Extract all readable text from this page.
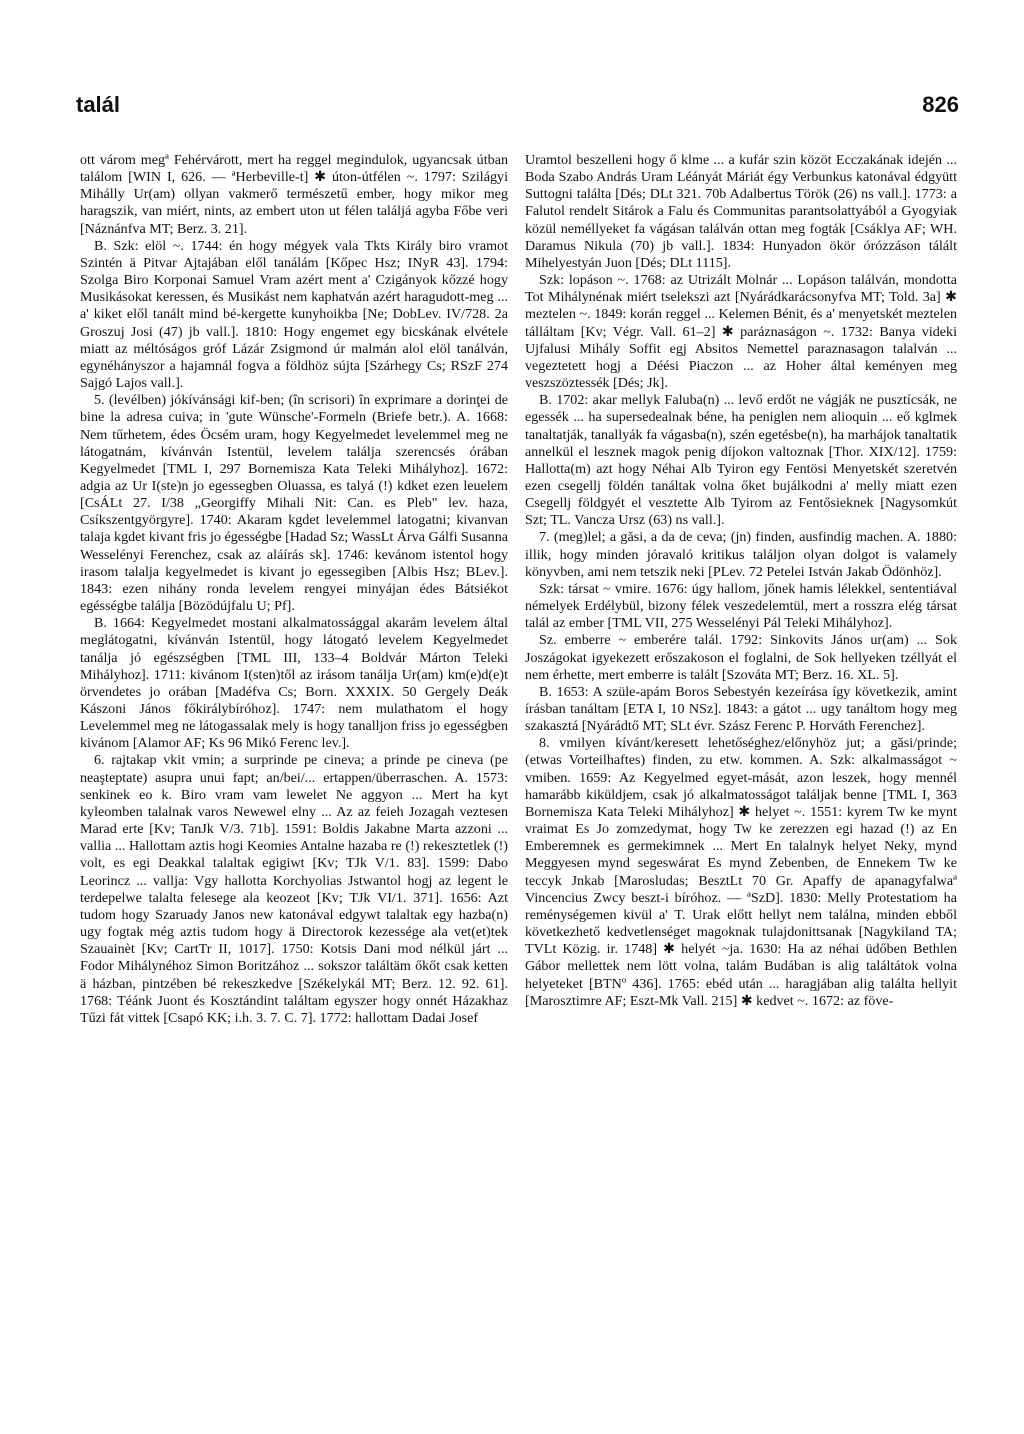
talál	826

ott várom megª Fehérvárott, mert ha reggel megindulok, ugyancsak útban találom [WIN I, 626. — ªHerbeville-t] ✱ úton-útfélen ~. 1797: Szilágyi Mihálly Ur(am) ollyan vakmerő természetű ember, hogy mikor meg haragszik, van miért, nints, az embert uton ut félen találjá agyba Főbe veri [Náznánfva MT; Berz. 3. 21].

B. Szk: elöl ~. 1744: én hogy mégyek vala Tkts Király biro vramot Szintén ä Pitvar Ajtajában elől tanálám [Kőpec Hsz; INyR 43]. 1794: Szolga Biro Korponai Samuel Vram azért ment a' Czigányok kőzzé hogy Musikásokat keressen, és Musikást nem kaphatván azért haragudott-meg ... a' kiket elől tanált mind bé-kergette kunyhoikba [Ne; DobLev. IV/728. 2a Groszuj Josi (47) jb vall.]. 1810: Hogy engemet egy bicskának elvétele miatt az méltóságos gróf Lázár Zsigmond úr malmán alol elöl tanálván, egynéhányszor a hajamnál fogva a földhöz sújta [Szárhegy Cs; RSzF 274 Sajgó Lajos vall.].

5. (levélben) jókívánsági kif-ben; (în scrisori) în exprimare a dorinţei de bine la adresa cuiva; in 'gute Wünsche'-Formeln (Briefe betr.). A. 1668: Nem tűrhetem, édes Öcsém uram, hogy Kegyelmedet levelemmel meg ne látogatnám, kívánván Istentül, levelem találja szerencsés órában Kegyelmedet [TML I, 297 Bornemisza Kata Teleki Mihályhoz]. 1672: adgia az Ur I(ste)n jo egessegben Oluassa, es talyá (!) kdket ezen leuelem [CsÁLt 27. I/38 „Georgiffy Mihali Nit: Can. es Pleb" lev. haza, Csíkszentgyörgyre]. 1740: Akaram kgdet levelemmel latogatni; kivanvan talaja kgdet kivant fris jo égességbe [Hadad Sz; WassLt Árva Gálfi Susanna Wesselényi Ferenchez, csak az aláírás sk]. 1746: kevánom istentol hogy irasom talalja kegyelmedet is kivant jo egessegiben [Albis Hsz; BLev.]. 1843: ezen nihány ronda levelem rengyei minyájan édes Bátsiékot egésségbe találja [Bözödújfalu U; Pf].

B. 1664: Kegyelmedet mostani alkalmatossággal akarám levelem által meglátogatni, kívánván Istentül, hogy látogató levelem Kegyelmedet tanálja jó egészségben [TML III, 133–4 Boldvár Márton Teleki Mihályhoz]. 1711: kivánom I(sten)től az irásom tanálja Ur(am) km(e)d(e)t örvendetes jo orában [Madéfva Cs; Born. XXXIX. 50 Gergely Deák Kászoni János főkirálybíróhoz]. 1747: nem mulathatom el hogy Levelemmel meg ne látogassalak mely is hogy tanalljon friss jo egességben kivánom [Alamor AF; Ks 96 Mikó Ferenc lev.].

6. rajtakap vkit vmin; a surprinde pe cineva; a prinde pe cineva (pe neaşteptate) asupra unui fapt; an/bei/... ertappen/überraschen. A. 1573: senkinek eo k. Biro vram vam lewelet Ne aggyon ... Mert ha kyt kyleomben talalnak varos Newewel elny ... Az az feieh Jozagah veztesen Marad erte [Kv; TanJk V/3. 71b]. 1591: Boldis Jakabne Marta azzoni ... vallia ... Hallottam aztis hogi Keomies Antalne hazaba re (!) rekesztetlek (!) volt, es egi Deakkal talaltak egigiwt [Kv; TJk V/1. 83]. 1599: Dabo Leorincz ... vallja: Vgy hallotta Korchyolias Jstwantol hogj az legent le terdepelwe talalta felesege ala keozeot [Kv; TJk VI/1. 371]. 1656: Azt tudom hogy Szaruady Janos new katonával edgywt talaltak egy hazba(n) ugy fogtak még aztis tudom hogy ä Directorok kezessége ala vet(et)tek Szauainèt [Kv; CartTr II, 1017]. 1750: Kotsis Dani mod nélkül járt ... Fodor Mihálynéhoz Simon Boritzához ... sokszor találtäm őkőt csak ketten ä házban, pintzében bé rekeszkedve [Székelykál MT; Berz. 12. 92. 61]. 1768: Téánk Juont és Kosztándint találtam egyszer hogy onnét Házakhaz Tűzi fát vittek [Csapó KK; i.h. 3. 7. C. 7]. 1772: hallottam Dadai Josef

Uramtol beszelleni hogy ő klme ... a kufár szin közöt Ecczakának idején ... Boda Szabo András Uram Léányát Máriát égy Verbunkus katonával édgyütt Suttogni találta [Dés; DLt 321. 70b Adalbertus Török (26) ns vall.]. 1773: a Falutol rendelt Sitárok a Falu és Communitas parantsolattyából a Gyogyiak közül neméllyeket fa vágásan találván ottan meg fogták [Csáklya AF; WH. Daramus Nikula (70) jb vall.]. 1834: Hunyadon ökör órózzáson tálált Mihelyestyán Juon [Dés; DLt 1115].

Szk: lopáson ~. 1768: az Utrizált Molnár ... Lopáson találván, mondotta Tot Mihálynénak miért tselekszi azt [Nyárádkarácsonyfva MT; Told. 3a] ✱ meztelen ~. 1849: korán reggel ... Kelemen Bénit, és a' menyetskét meztelen tálláltam [Kv; Végr. Vall. 61–2] ✱ paráznaságon ~. 1732: Banya videki Ujfalusi Mihály Soffit egj Absitos Nemettel paraznasagon talalván ... vegeztetett hogj a Déési Piaczon ... az Hoher által keményen meg veszszöztessék [Dés; Jk].

B. 1702: akar mellyk Faluba(n) ... levő erdőt ne vágják ne pusztícsák, ne egessék ... ha supersedealnak béne, ha peniglen nem alioquin ... eő kglmek tanaltatják, tanallyák fa vágasba(n), szén egetésbe(n), ha marhájok tanaltatik annelkül el lesznek magok penig díjokon valtoznak [Thor. XIX/12]. 1759: Hallotta(m) azt hogy Néhai Alb Tyiron egy Fentösi Menyetskét szeretvén ezen csegellj földén tanáltak volna őket bujálkodni a' melly miatt ezen Csegellj földgyét el vesztette Alb Tyirom az Fentősieknek [Nagysomkút Szt; TL. Vancza Ursz (63) ns vall.].

7. (meg)lel; a găsi, a da de ceva; (jn) finden, ausfindig machen. A. 1880: illik, hogy minden jóravaló kritikus találjon olyan dolgot is valamely könyvben, ami nem tetszik neki [PLev. 72 Petelei István Jakab Ödönhöz].

Szk: társat ~ vmire. 1676: úgy hallom, jőnek hamis lélekkel, sententiával némelyek Erdélybül, bizony félek veszedelemtül, mert a rosszra elég társat talál az ember [TML VII, 275 Wesselényi Pál Teleki Mihályhoz].

Sz. emberre ~ emberére talál. 1792: Sinkovits János ur(am) ... Sok Joszágokat igyekezett erőszakoson el foglalni, de Sok hellyeken tzéllyát el nem érhette, mert emberre is talált [Szováta MT; Berz. 16. XL. 5].

B. 1653: A szüle-apám Boros Sebestyén kezeírása így következik, amint írásban tanáltam [ETA I, 10 NSz]. 1843: a gátot ... ugy tanáltom hogy meg szakasztá [Nyárádtő MT; SLt évr. Szász Ferenc P. Horváth Ferenchez].

8. vmilyen kívánt/keresett lehetőséghez/előnyhöz jut; a găsi/prinde; (etwas Vorteilhaftes) finden, zu etw. kommen. A. Szk: alkalmasságot ~ vmiben. 1659: Az Kegyelmed egyet-mását, azon leszek, hogy mennél hamarább kiküldjem, csak jó alkalmatosságot találjak benne [TML I, 363 Bornemisza Kata Teleki Mihályhoz] ✱ helyet ~. 1551: kyrem Tw ke mynt vraimat Es Jo zomzedymat, hogy Tw ke zerezzen egi hazad (!) az En Emberemnek es germekimnek ... Mert En talalnyk helyet Neky, mynd Meggyesen mynd segeswárat Es mynd Zebenben, de Ennekem Tw ke teccyk Jnkab [Marosludas; BesztLt 70 Gr. Apaffy de apanagyfalwaª Vincencius Zwcy beszt-i bíróhoz. — ªSzD]. 1830: Melly Protestatiom ha reménységemen kivül a' T. Urak előtt hellyt nem találna, minden ebből következhető kedvetlenséget magoknak tulajdonittsanak [Nagykiland TA; TVLt Közig. ir. 1748] ✱ helyét ~ja. 1630: Ha az néhai üdőben Bethlen Gábor mellettek nem lött volna, talám Budában is alig találtátok volna helyeteket [BTNº 436]. 1765: ebéd után ... haragjában alig találta hellyit [Marosztimre AF; Eszt-Mk Vall. 215] ✱ kedvet ~. 1672: az föve-
